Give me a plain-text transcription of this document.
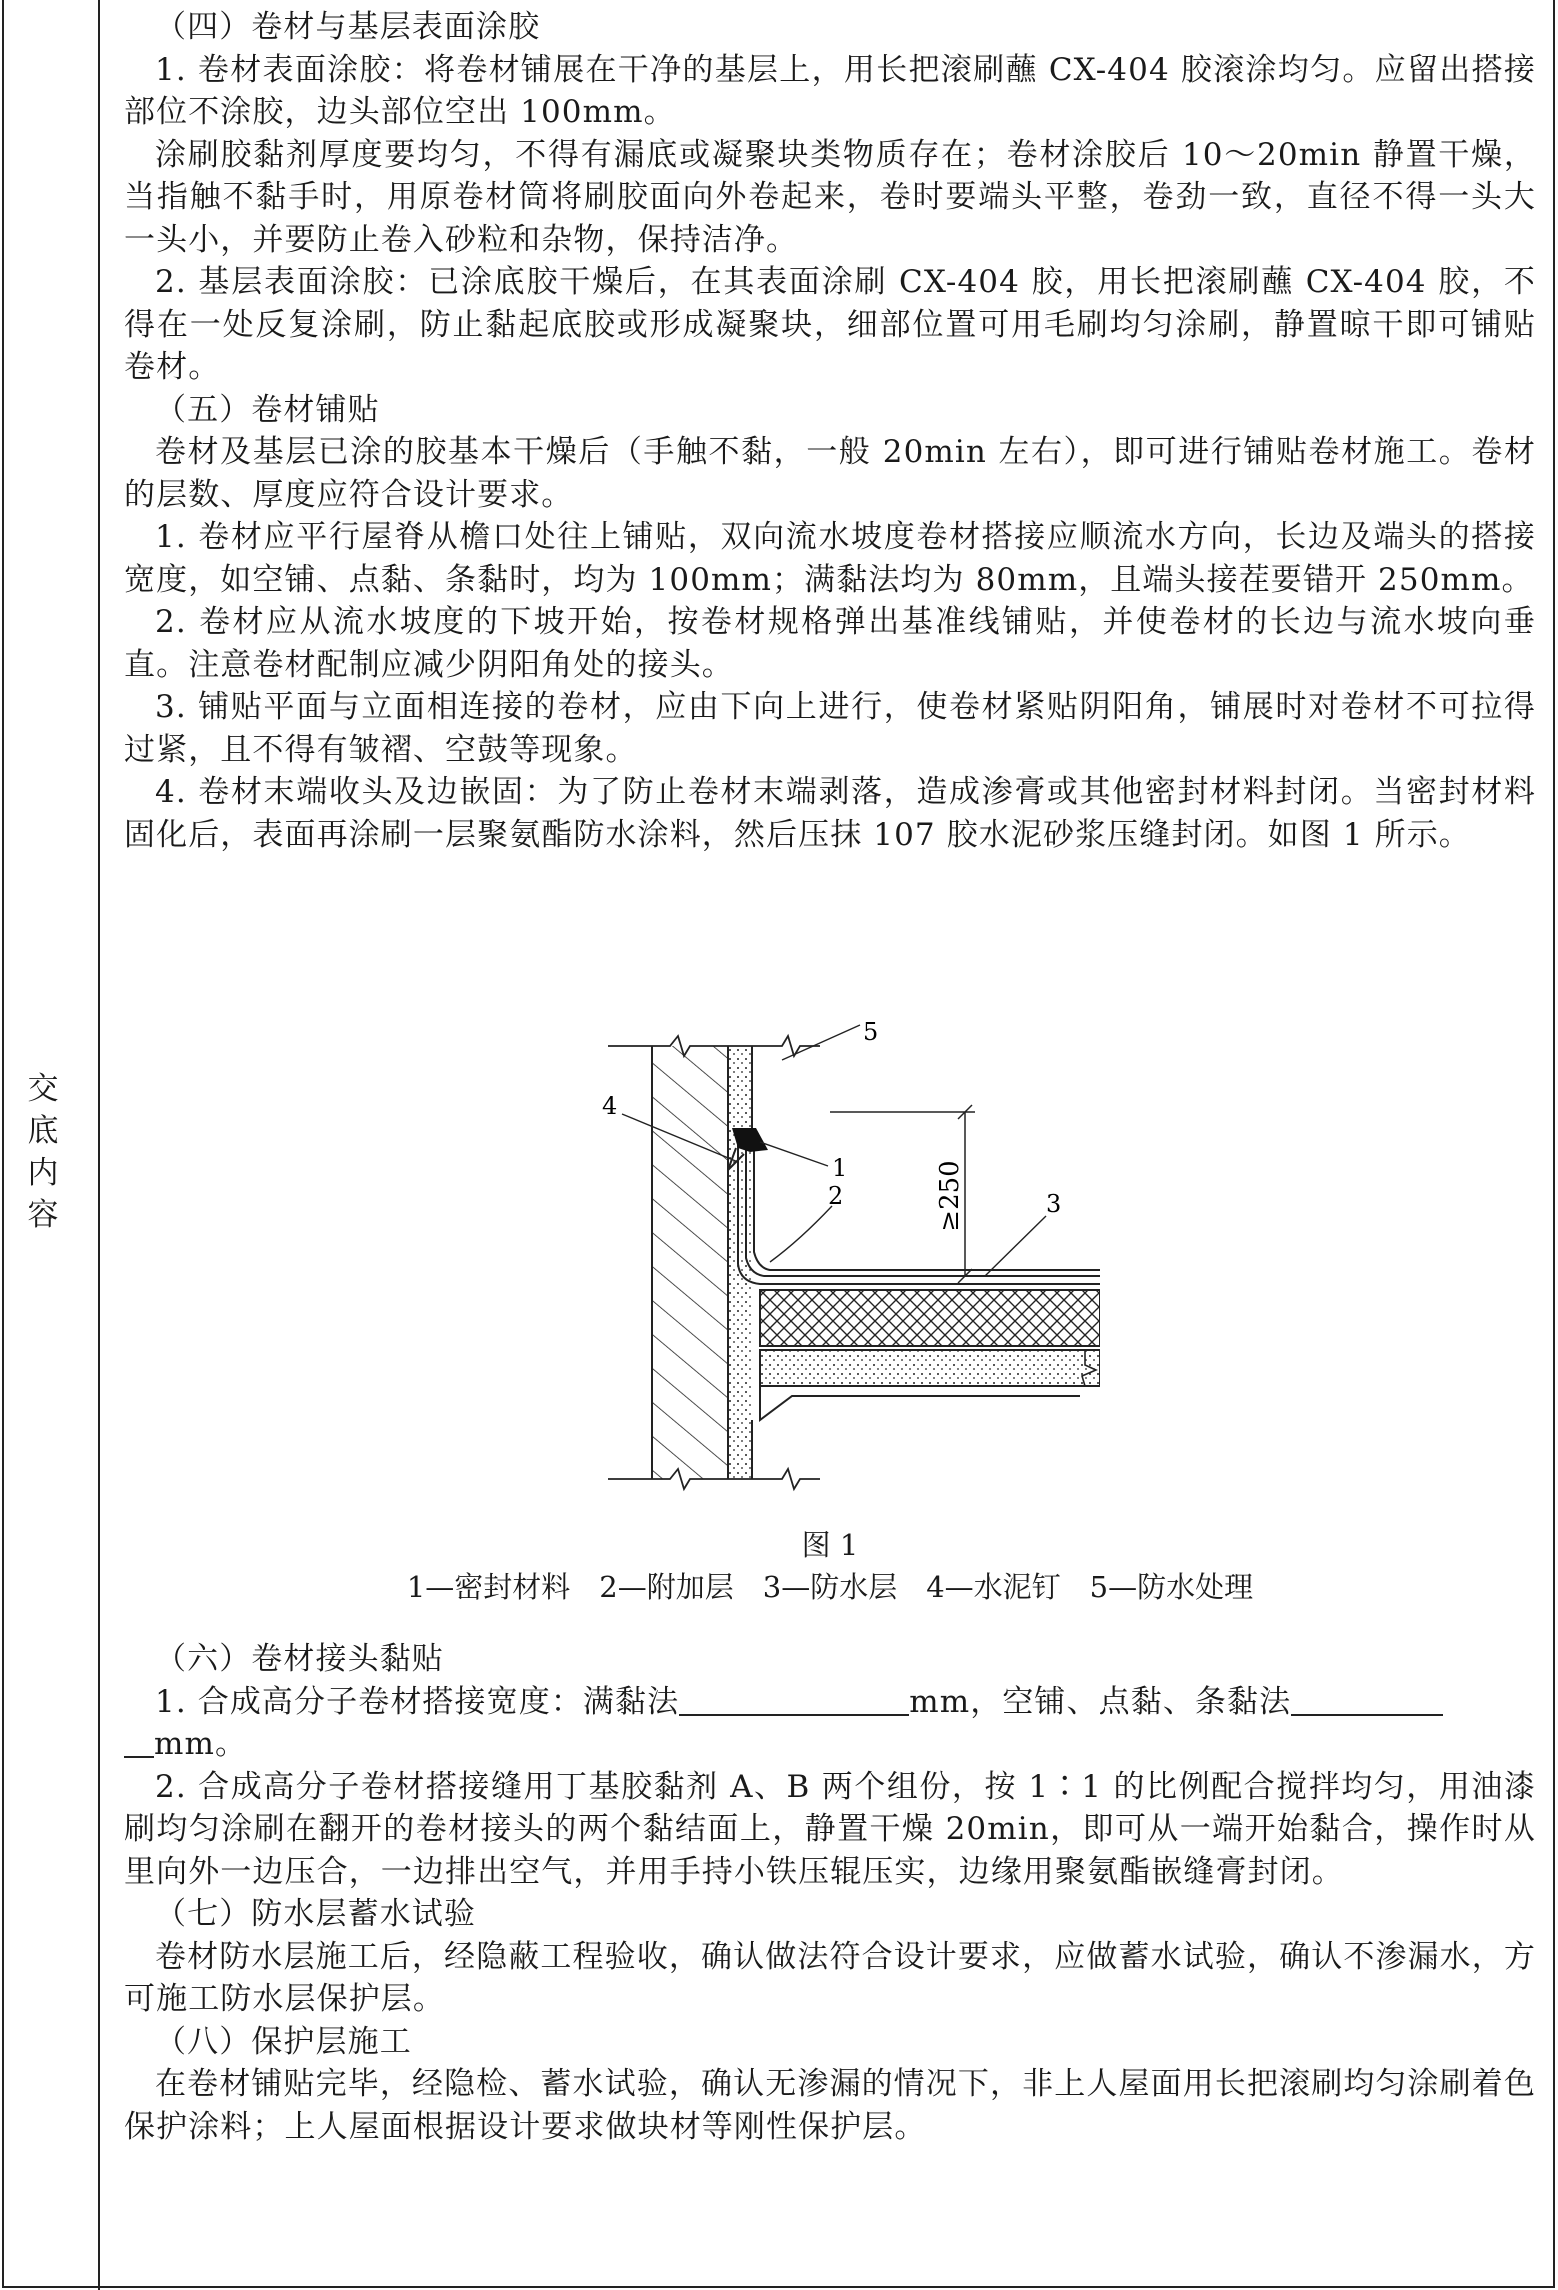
交
底
内
容

（四）卷材与基层表面涂胶

1. 卷材表面涂胶：将卷材铺展在干净的基层上，用长把滚刷蘸 CX-404 胶滚涂均匀。应留出搭接部位不涂胶，边头部位空出 100mm。

涂刷胶黏剂厚度要均匀，不得有漏底或凝聚块类物质存在；卷材涂胶后 10～20min 静置干燥，当指触不黏手时，用原卷材筒将刷胶面向外卷起来，卷时要端头平整，卷劲一致，直径不得一头大一头小，并要防止卷入砂粒和杂物，保持洁净。

2. 基层表面涂胶：已涂底胶干燥后，在其表面涂刷 CX-404 胶，用长把滚刷蘸 CX-404 胶，不得在一处反复涂刷，防止黏起底胶或形成凝聚块，细部位置可用毛刷均匀涂刷，静置晾干即可铺贴卷材。

（五）卷材铺贴

卷材及基层已涂的胶基本干燥后（手触不黏，一般 20min 左右），即可进行铺贴卷材施工。卷材的层数、厚度应符合设计要求。

1. 卷材应平行屋脊从檐口处往上铺贴，双向流水坡度卷材搭接应顺流水方向，长边及端头的搭接宽度，如空铺、点黏、条黏时，均为 100mm；满黏法均为 80mm，且端头接茬要错开 250mm。

2. 卷材应从流水坡度的下坡开始，按卷材规格弹出基准线铺贴，并使卷材的长边与流水坡向垂直。注意卷材配制应减少阴阳角处的接头。

3. 铺贴平面与立面相连接的卷材，应由下向上进行，使卷材紧贴阴阳角，铺展时对卷材不可拉得过紧，且不得有皱褶、空鼓等现象。

4. 卷材末端收头及边嵌固：为了防止卷材末端剥落，造成渗膏或其他密封材料封闭。当密封材料固化后，表面再涂刷一层聚氨酯防水涂料，然后压抹 107 胶水泥砂浆压缝封闭。如图 1 所示。

≥250
5
1
2	3
4
图 1
1—密封材料　2—附加层　3—防水层　4—水泥钉　5—防水处理

（六）卷材接头黏贴

1. 合成高分子卷材搭接宽度：满黏法	mm，空铺、点黏、条黏法
mm。

2. 合成高分子卷材搭接缝用丁基胶黏剂 A、B 两个组份，按 1∶1 的比例配合搅拌均匀，用油漆刷均匀涂刷在翻开的卷材接头的两个黏结面上，静置干燥 20min，即可从一端开始黏合，操作时从里向外一边压合，一边排出空气，并用手持小铁压辊压实，边缘用聚氨酯嵌缝膏封闭。

（七）防水层蓄水试验

卷材防水层施工后，经隐蔽工程验收，确认做法符合设计要求，应做蓄水试验，确认不渗漏水，方可施工防水层保护层。

（八）保护层施工

在卷材铺贴完毕，经隐检、蓄水试验，确认无渗漏的情况下，非上人屋面用长把滚刷均匀涂刷着色保护涂料；上人屋面根据设计要求做块材等刚性保护层。
